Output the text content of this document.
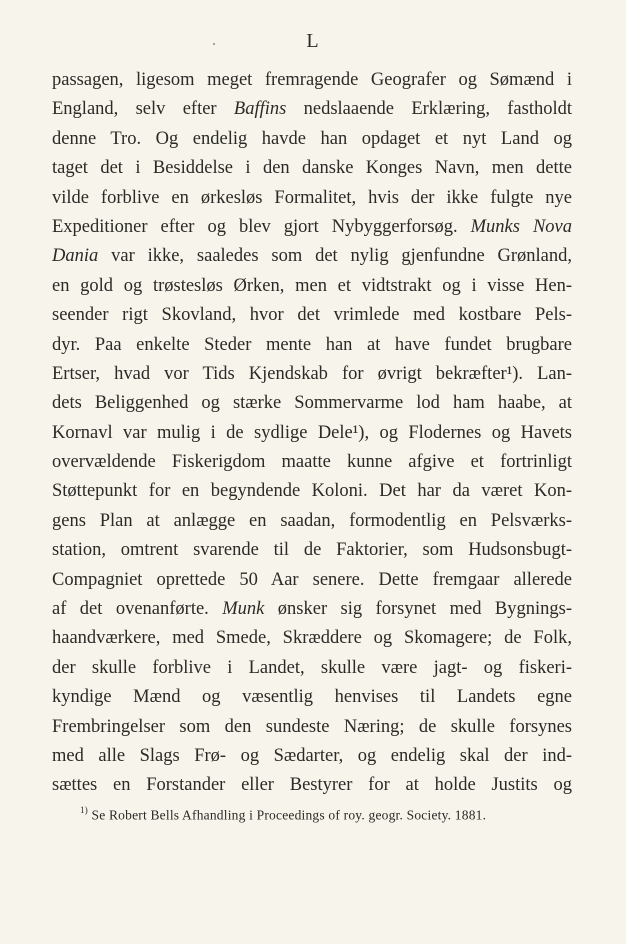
L
passagen, ligesom meget fremragende Geografer og Sømænd i
England, selv efter Baffins nedslaaende Erklæring, fastholdt
denne Tro. Og endelig havde han opdaget et nyt Land og
taget det i Besiddelse i den danske Konges Navn, men dette
vilde forblive en ørkesløs Formalitet, hvis der ikke fulgte nye
Expeditioner efter og blev gjort Nybyggerforsøg. Munks Nova
Dania var ikke, saaledes som det nylig gjenfundne Grønland,
en gold og trøstesløs Ørken, men et vidtstrakt og i visse Hen-
seender rigt Skovland, hvor det vrimlede med kostbare Pels-
dyr. Paa enkelte Steder mente han at have fundet brugbare
Ertser, hvad vor Tids Kjendskab for øvrigt bekræfter¹). Lan-
dets Beliggenhed og stærke Sommervarme lod ham haabe, at
Kornavl var mulig i de sydlige Dele¹), og Flodernes og Havets
overvældende Fiskerigdom maatte kunne afgive et fortrinligt
Støttepunkt for en begyndende Koloni. Det har da været Kon-
gens Plan at anlægge en saadan, formodentlig en Pelsværks-
station, omtrent svarende til de Faktorier, som Hudsonsbugt-
Compagniet oprettede 50 Aar senere. Dette fremgaar allerede
af det ovenanførte. Munk ønsker sig forsynet med Bygnings-
haandværkere, med Smede, Skræddere og Skomagere; de Folk,
der skulle forblive i Landet, skulle være jagt- og fiskeri-
kyndige Mænd og væsentlig henvises til Landets egne
Frembringelser som den sundeste Næring; de skulle forsynes
med alle Slags Frø- og Sædarter, og endelig skal der ind-
sættes en Forstander eller Bestyrer for at holde Justits og
$^{1)}$ Se Robert Bells Afhandling i Proceedings of roy. geogr. Society. 1881.
